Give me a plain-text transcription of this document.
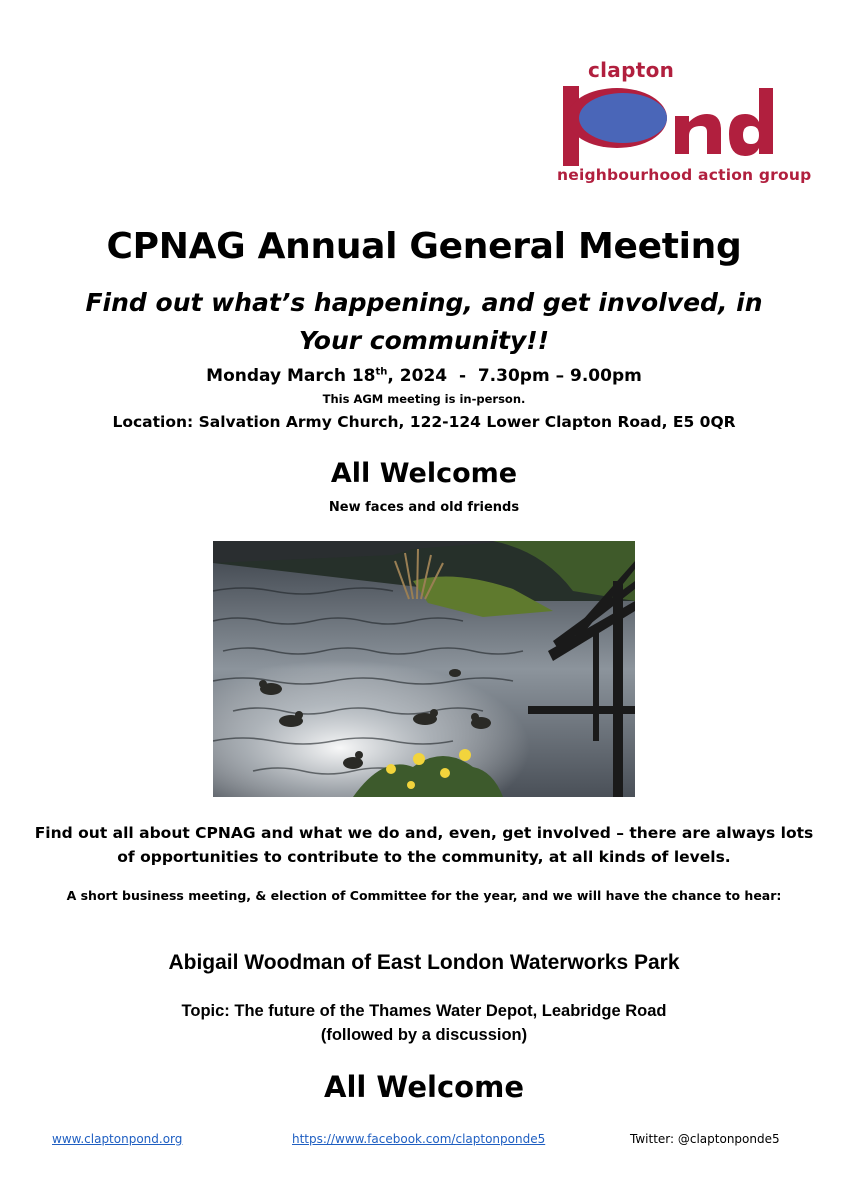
clapton
neighbourhood action group
CPNAG Annual General Meeting
Find out what’s happening, and get involved, in
Your community!!
Monday March 18th, 2024  -  7.30pm – 9.00pm
This AGM meeting is in-person.
Location: Salvation Army Church, 122-124 Lower Clapton Road, E5 0QR
All Welcome
New faces and old friends
Find out all about CPNAG and what we do and, even, get involved – there are always lots of opportunities to contribute to the community, at all kinds of levels.
A short business meeting, & election of Committee for the year, and we will have the chance to hear:
Abigail Woodman of East London Waterworks Park
Topic: The future of the Thames Water Depot, Leabridge Road
(followed by a discussion)
All Welcome
www.claptonpond.org	https://www.facebook.com/claptonponde5	Twitter: @claptonponde5
